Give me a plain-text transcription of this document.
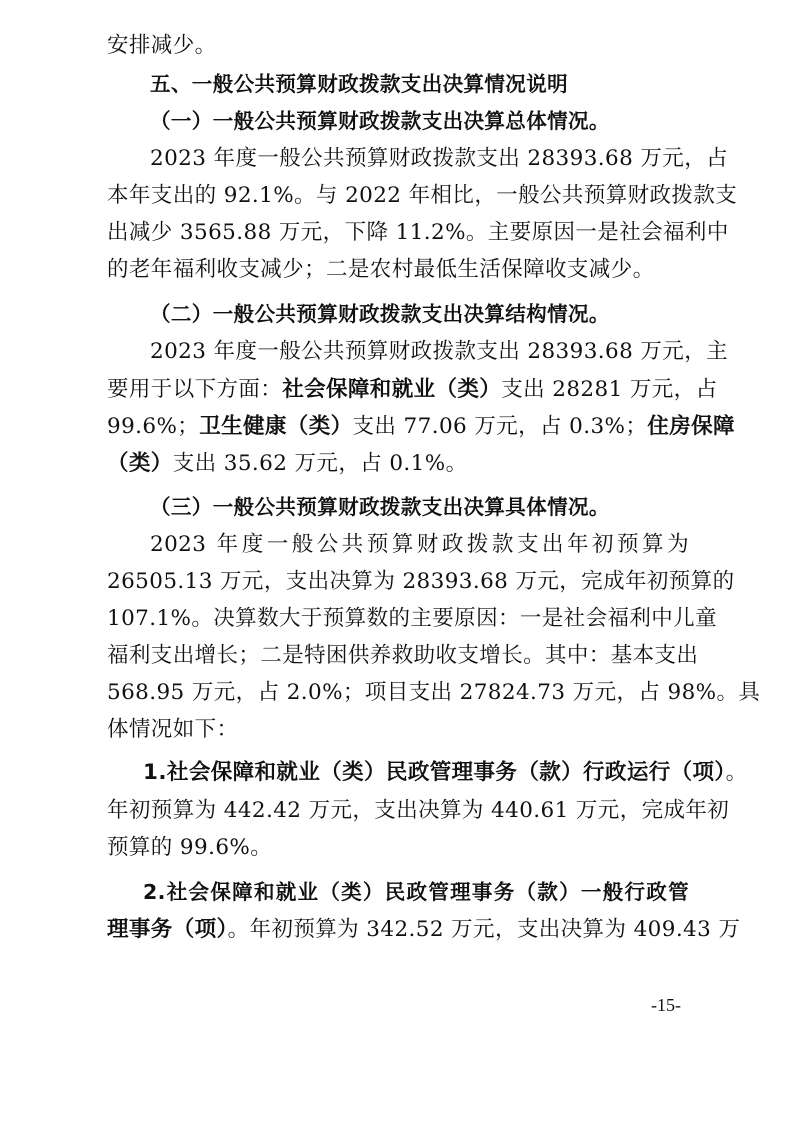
安排减少。
五、一般公共预算财政拨款支出决算情况说明
（一）一般公共预算财政拨款支出决算总体情况。
2023 年度一般公共预算财政拨款支出 28393.68 万元，占
本年支出的 92.1%。与 2022 年相比，一般公共预算财政拨款支
出减少 3565.88 万元，下降 11.2%。主要原因一是社会福利中
的老年福利收支减少；二是农村最低生活保障收支减少。
（二）一般公共预算财政拨款支出决算结构情况。
2023 年度一般公共预算财政拨款支出 28393.68 万元，主
要用于以下方面：社会保障和就业（类）支出 28281 万元，占
99.6%；卫生健康（类）支出 77.06 万元，占 0.3%；住房保障
（类）支出 35.62 万元，占 0.1%。
（三）一般公共预算财政拨款支出决算具体情况。
2023 年度一般公共预算财政拨款支出年初预算为
26505.13 万元，支出决算为 28393.68 万元，完成年初预算的
107.1%。决算数大于预算数的主要原因：一是社会福利中儿童
福利支出增长；二是特困供养救助收支增长。其中：基本支出
568.95 万元，占 2.0%；项目支出 27824.73 万元，占 98%。具
体情况如下：
1.社会保障和就业（类）民政管理事务（款）行政运行（项）。
年初预算为 442.42 万元，支出决算为 440.61 万元，完成年初
预算的 99.6%。
2.社会保障和就业（类）民政管理事务（款）一般行政管
理事务（项）。年初预算为 342.52 万元，支出决算为 409.43 万
-15-
